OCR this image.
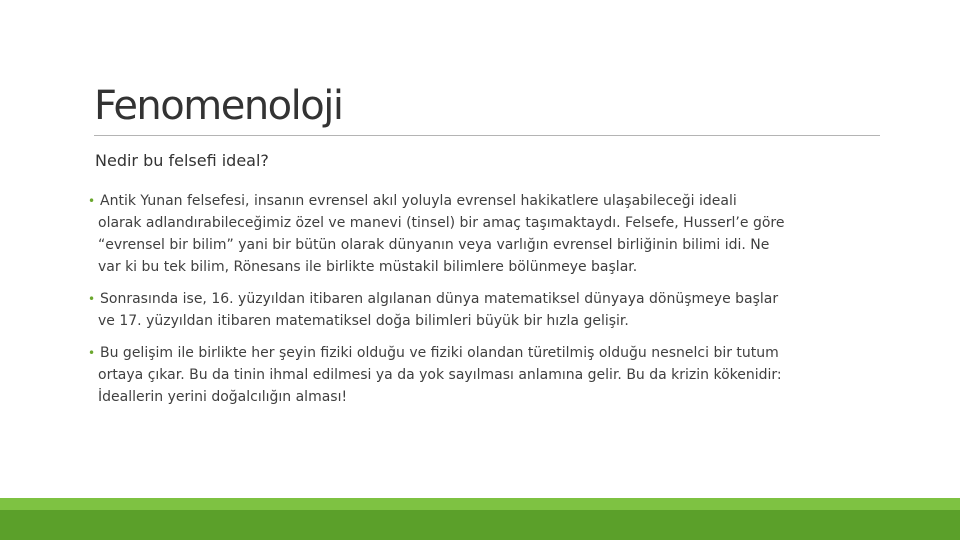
Fenomenoloji
Nedir bu felsefi ideal?

• Antik Yunan felsefesi, insanın evrensel akıl yoluyla evrensel hakikatlere ulaşabileceği ideali
olarak adlandırabileceğimiz özel ve manevi (tinsel) bir amaç taşımaktaydı. Felsefe, Husserl’e göre
“evrensel bir bilim” yani bir bütün olarak dünyanın veya varlığın evrensel birliğinin bilimi idi. Ne
var ki bu tek bilim, Rönesans ile birlikte müstakil bilimlere bölünmeye başlar.

• Sonrasında ise, 16. yüzyıldan itibaren algılanan dünya matematiksel dünyaya dönüşmeye başlar
ve 17. yüzyıldan itibaren matematiksel doğa bilimleri büyük bir hızla gelişir.

• Bu gelişim ile birlikte her şeyin fiziki olduğu ve fiziki olandan türetilmiş olduğu nesnelci bir tutum
ortaya çıkar. Bu da tinin ihmal edilmesi ya da yok sayılması anlamına gelir. Bu da krizin kökenidir:
İdeallerin yerini doğalcılığın alması!
